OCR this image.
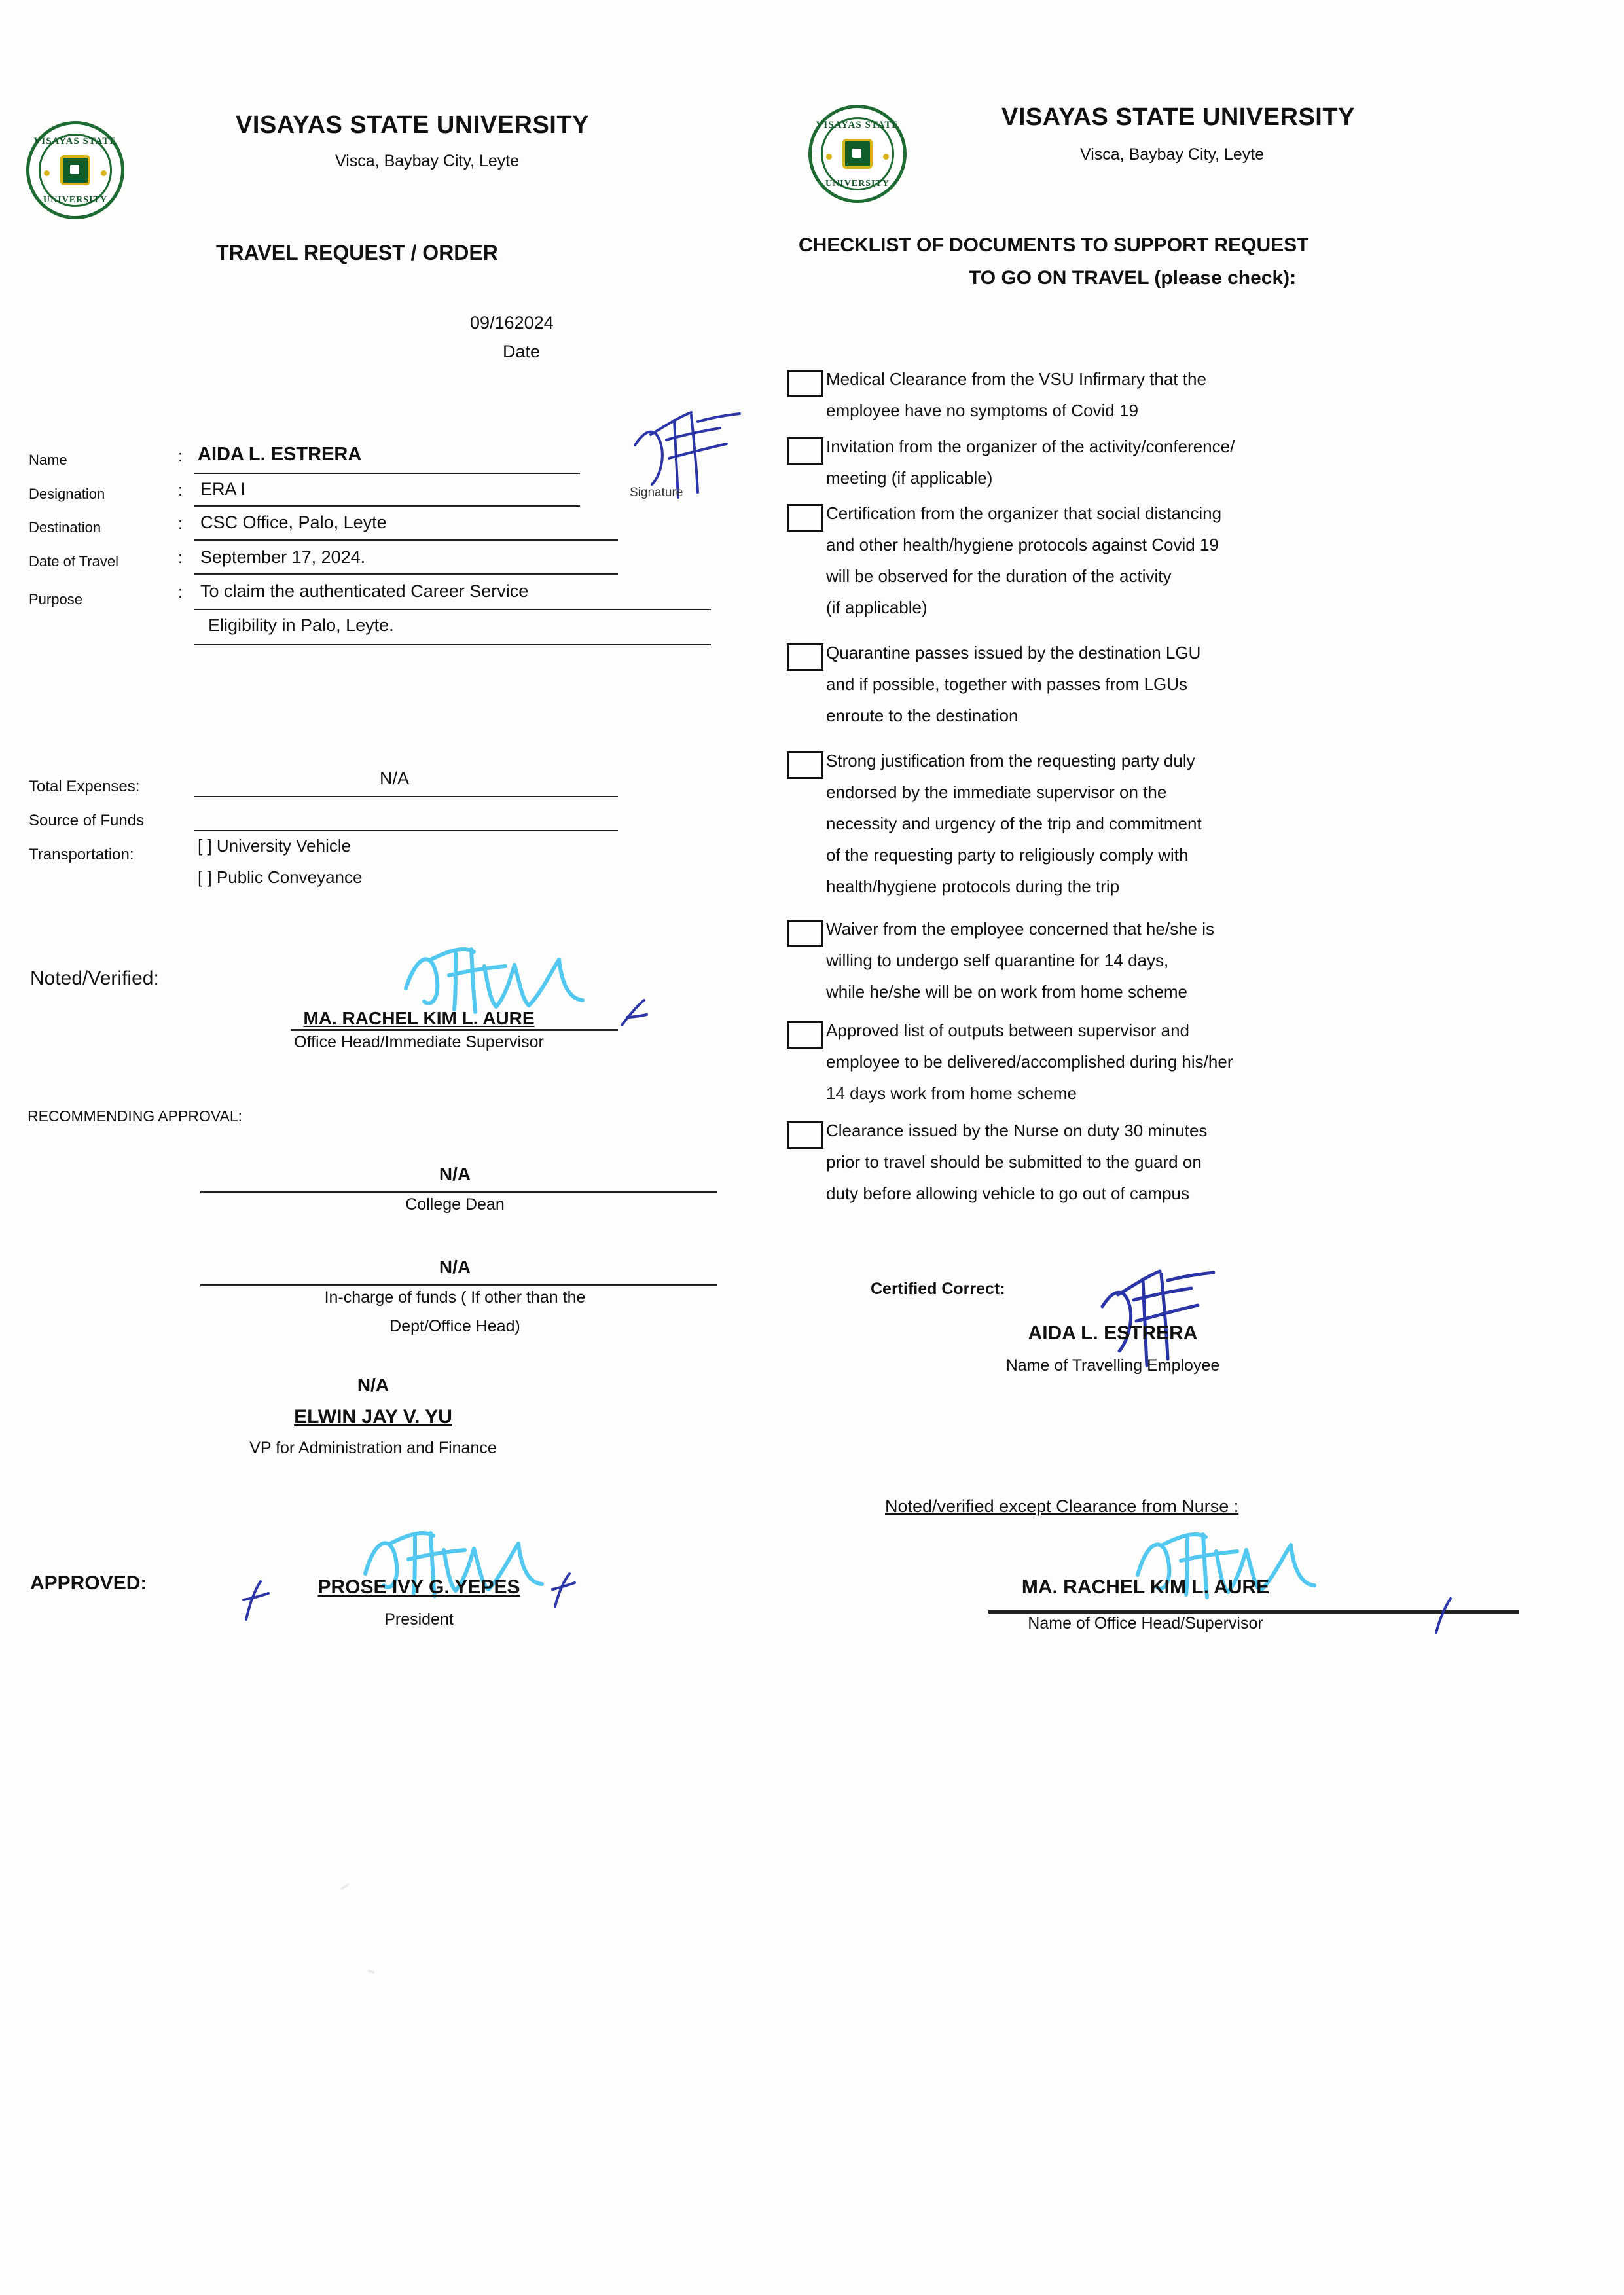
VISAYAS STATE
UNIVERSITY
VISAYAS STATE UNIVERSITY
Visca, Baybay City, Leyte
TRAVEL REQUEST / ORDER
09/162024
Date
Name	: AIDA L. ESTRERA
Designation	: ERA I
Destination	: CSC Office, Palo, Leyte
Date of Travel	: September 17, 2024.
Purpose	: To claim the authenticated Career Service
Eligibility in Palo, Leyte.
Signature
Total Expenses:	N/A
Source of Funds
Transportation:	[ ] University Vehicle
[ ] Public Conveyance
Noted/Verified:
MA. RACHEL KIM L. AURE
Office Head/Immediate Supervisor
RECOMMENDING APPROVAL:
N/A
College Dean
N/A
In-charge of funds ( If other than the
Dept/Office Head)
N/A
ELWIN JAY V. YU
VP for Administration and Finance
APPROVED:	PROSE IVY G. YEPES
President
VISAYAS STATE
UNIVERSITY
VISAYAS STATE UNIVERSITY
Visca, Baybay City, Leyte
CHECKLIST OF DOCUMENTS TO SUPPORT REQUEST
TO GO ON TRAVEL (please check):
Medical Clearance from the VSU Infirmary that the
employee have no symptoms of Covid 19
Invitation from the organizer of the activity/conference/
meeting (if applicable)
Certification from the organizer that social distancing
and other health/hygiene protocols against Covid 19
will be observed for the duration of the activity
(if applicable)
Quarantine passes issued by the destination LGU
and if possible, together with passes from LGUs
enroute to the destination
Strong justification from the requesting party duly
endorsed by the immediate supervisor on the
necessity and urgency of the trip and commitment
of the requesting party to religiously comply with
health/hygiene protocols during the trip
Waiver from the employee concerned that he/she is
willing to undergo self quarantine for 14 days,
while he/she will be on work from home scheme
Approved list of outputs between supervisor and
employee to be delivered/accomplished during his/her
14 days work from home scheme
Clearance issued by the Nurse on duty 30 minutes
prior to travel should be submitted to the guard on
duty before allowing vehicle to go out of campus
Certified Correct:
AIDA L. ESTRERA
Name of Travelling Employee
Noted/verified except Clearance from Nurse :
MA. RACHEL KIM L. AURE
Name of Office Head/Supervisor
